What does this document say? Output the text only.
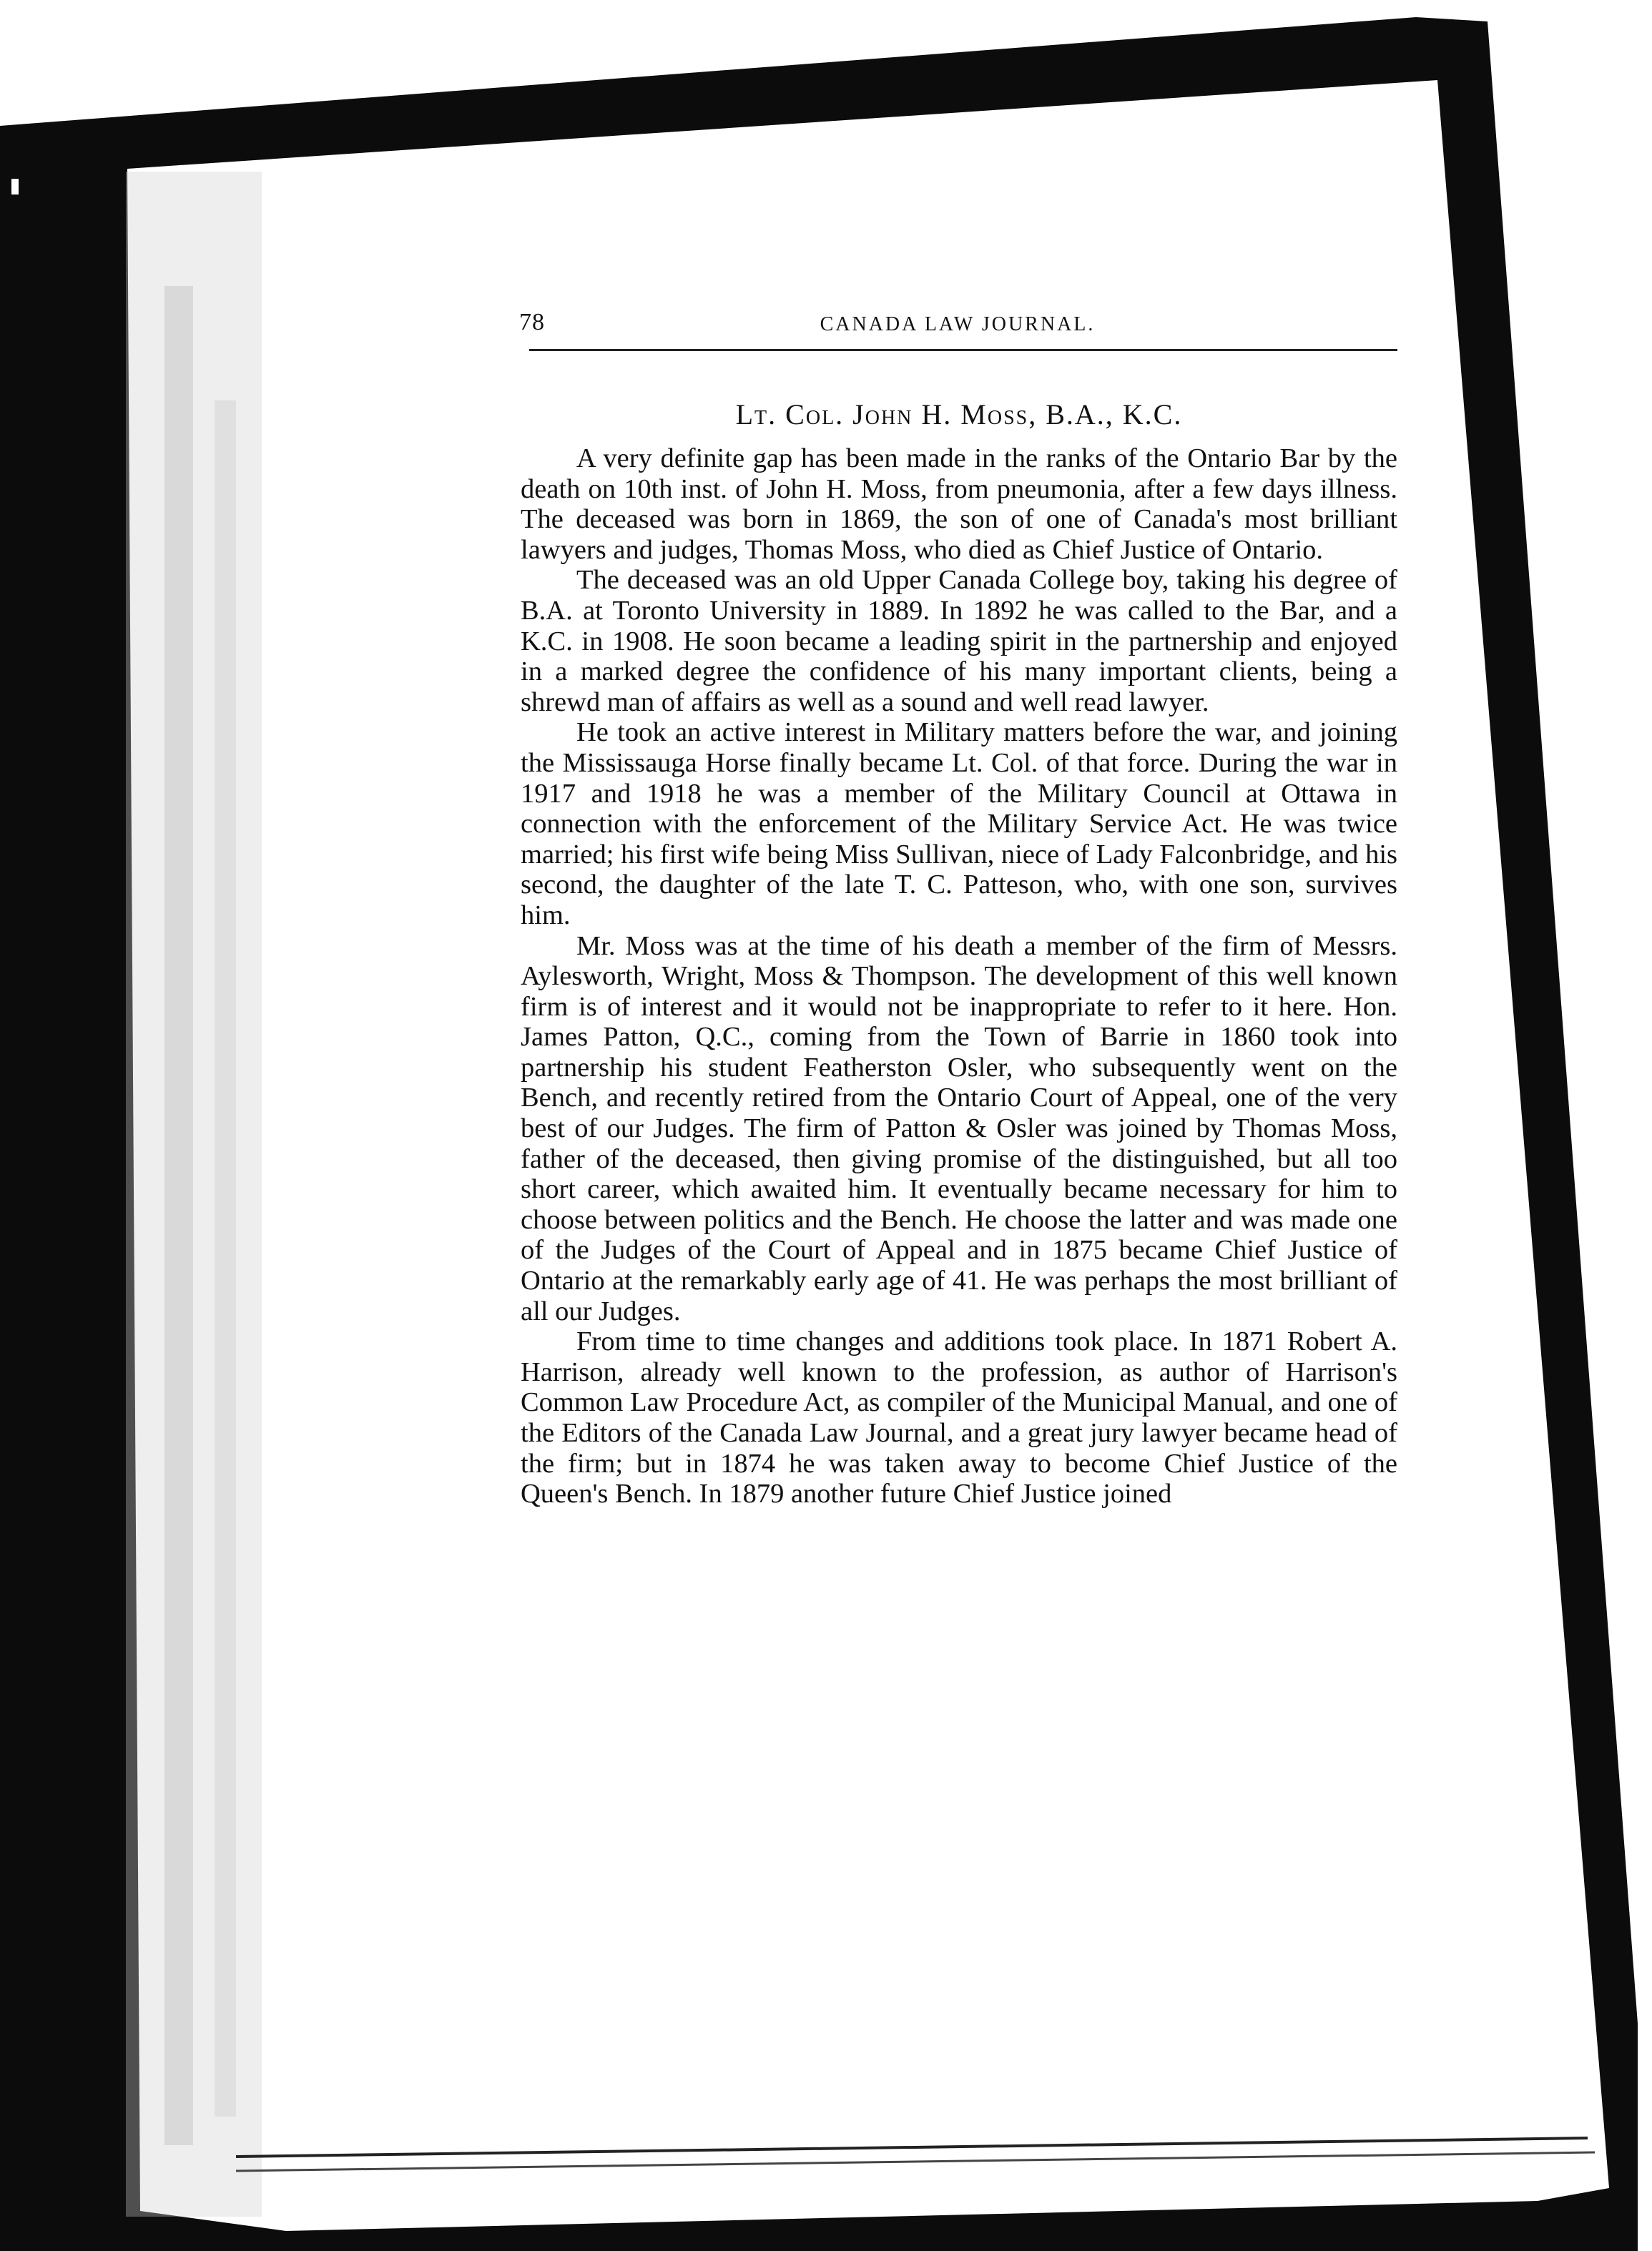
78	CANADA LAW JOURNAL.
Lt. Col. John H. Moss, B.A., K.C.

A very definite gap has been made in the ranks of the Ontario Bar by the death on 10th inst. of John H. Moss, from pneumonia, after a few days illness. The deceased was born in 1869, the son of one of Canada's most brilliant lawyers and judges, Thomas Moss, who died as Chief Justice of Ontario.

The deceased was an old Upper Canada College boy, taking his degree of B.A. at Toronto University in 1889. In 1892 he was called to the Bar, and a K.C. in 1908. He soon became a leading spirit in the partnership and enjoyed in a marked degree the confidence of his many important clients, being a shrewd man of affairs as well as a sound and well read lawyer.

He took an active interest in Military matters before the war, and joining the Mississauga Horse finally became Lt. Col. of that force. During the war in 1917 and 1918 he was a member of the Military Council at Ottawa in connection with the enforcement of the Military Service Act. He was twice married; his first wife being Miss Sullivan, niece of Lady Falconbridge, and his second, the daughter of the late T. C. Patteson, who, with one son, survives him.

Mr. Moss was at the time of his death a member of the firm of Messrs. Aylesworth, Wright, Moss & Thompson. The development of this well known firm is of interest and it would not be inappropriate to refer to it here. Hon. James Patton, Q.C., coming from the Town of Barrie in 1860 took into partnership his student Featherston Osler, who subsequently went on the Bench, and recently retired from the Ontario Court of Appeal, one of the very best of our Judges. The firm of Patton & Osler was joined by Thomas Moss, father of the deceased, then giving promise of the distinguished, but all too short career, which awaited him. It eventually became necessary for him to choose between politics and the Bench. He choose the latter and was made one of the Judges of the Court of Appeal and in 1875 became Chief Justice of Ontario at the remarkably early age of 41. He was perhaps the most brilliant of all our Judges.

From time to time changes and additions took place. In 1871 Robert A. Harrison, already well known to the profession, as author of Harrison's Common Law Procedure Act, as compiler of the Municipal Manual, and one of the Editors of the Canada Law Journal, and a great jury lawyer became head of the firm; but in 1874 he was taken away to become Chief Justice of the Queen's Bench. In 1879 another future Chief Justice joined
